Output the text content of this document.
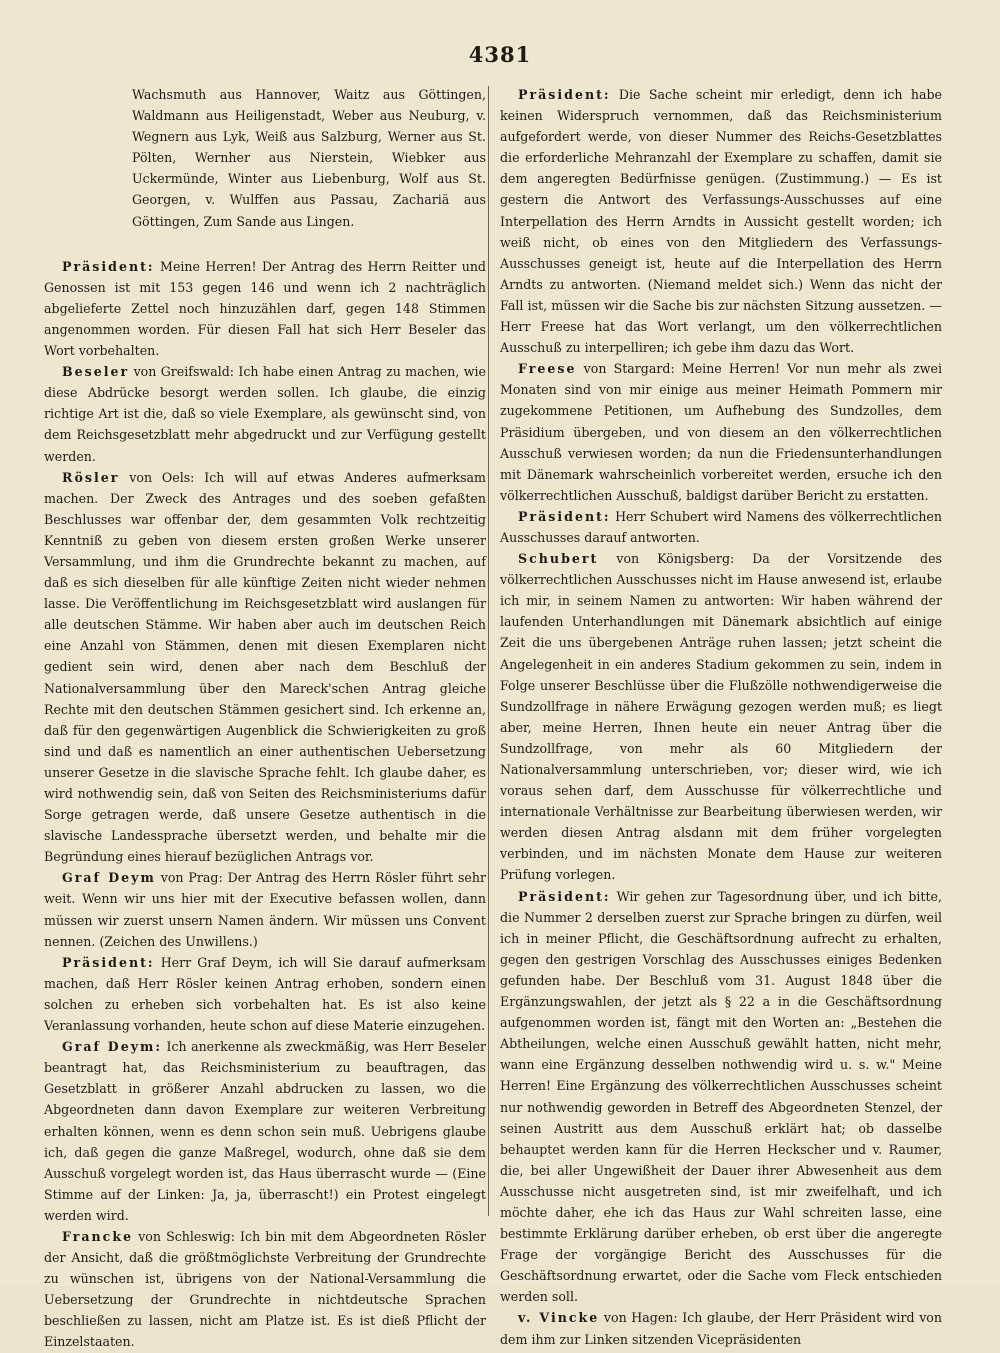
4381

Wachsmuth aus Hannover, Waitz aus Göttingen, Waldmann aus Heiligenstadt, Weber aus Neuburg, v. Wegnern aus Lyk, Weiß aus Salzburg, Werner aus St. Pölten, Wernher aus Nierstein, Wiebker aus Uckermünde, Winter aus Liebenburg, Wolf aus St. Georgen, v. Wulffen aus Passau, Zachariä aus Göttingen, Zum Sande aus Lingen.

Präsident: Meine Herren! Der Antrag des Herrn Reitter und Genossen ist mit 153 gegen 146 und wenn ich 2 nachträglich abgelieferte Zettel noch hinzuzählen darf, gegen 148 Stimmen angenommen worden. Für diesen Fall hat sich Herr Beseler das Wort vorbehalten.

Beseler von Greifswald: Ich habe einen Antrag zu machen, wie diese Abdrücke besorgt werden sollen. Ich glaube, die einzig richtige Art ist die, daß so viele Exemplare, als gewünscht sind, von dem Reichsgesetzblatt mehr abgedruckt und zur Verfügung gestellt werden.

Rösler von Oels: Ich will auf etwas Anderes aufmerksam machen. Der Zweck des Antrages und des soeben gefaßten Beschlusses war offenbar der, dem gesammten Volk rechtzeitig Kenntniß zu geben von diesem ersten großen Werke unserer Versammlung, und ihm die Grundrechte bekannt zu machen, auf daß es sich dieselben für alle künftige Zeiten nicht wieder nehmen lasse. Die Veröffentlichung im Reichsgesetzblatt wird auslangen für alle deutschen Stämme. Wir haben aber auch im deutschen Reich eine Anzahl von Stämmen, denen mit diesen Exemplaren nicht gedient sein wird, denen aber nach dem Beschluß der Nationalversammlung über den Mareck'schen Antrag gleiche Rechte mit den deutschen Stämmen gesichert sind. Ich erkenne an, daß für den gegenwärtigen Augenblick die Schwierigkeiten zu groß sind und daß es namentlich an einer authentischen Uebersetzung unserer Gesetze in die slavische Sprache fehlt. Ich glaube daher, es wird nothwendig sein, daß von Seiten des Reichsministeriums dafür Sorge getragen werde, daß unsere Gesetze authentisch in die slavische Landessprache übersetzt werden, und behalte mir die Begründung eines hierauf bezüglichen Antrags vor.

Graf Deym von Prag: Der Antrag des Herrn Rösler führt sehr weit. Wenn wir uns hier mit der Executive befassen wollen, dann müssen wir zuerst unsern Namen ändern. Wir müssen uns Convent nennen. (Zeichen des Unwillens.)

Präsident: Herr Graf Deym, ich will Sie darauf aufmerksam machen, daß Herr Rösler keinen Antrag erhoben, sondern einen solchen zu erheben sich vorbehalten hat. Es ist also keine Veranlassung vorhanden, heute schon auf diese Materie einzugehen.

Graf Deym: Ich anerkenne als zweckmäßig, was Herr Beseler beantragt hat, das Reichsministerium zu beauftragen, das Gesetzblatt in größerer Anzahl abdrucken zu lassen, wo die Abgeordneten dann davon Exemplare zur weiteren Verbreitung erhalten können, wenn es denn schon sein muß. Uebrigens glaube ich, daß gegen die ganze Maßregel, wodurch, ohne daß sie dem Ausschuß vorgelegt worden ist, das Haus überrascht wurde — (Eine Stimme auf der Linken: Ja, ja, überrascht!) ein Protest eingelegt werden wird.

Francke von Schleswig: Ich bin mit dem Abgeordneten Rösler der Ansicht, daß die größtmöglichste Verbreitung der Grundrechte zu wünschen ist, übrigens von der National-Versammlung die Uebersetzung der Grundrechte in nichtdeutsche Sprachen beschließen zu lassen, nicht am Platze ist. Es ist dieß Pflicht der Einzelstaaten.

Präsident: Die Sache scheint mir erledigt, denn ich habe keinen Widerspruch vernommen, daß das Reichsministerium aufgefordert werde, von dieser Nummer des Reichs-Gesetzblattes die erforderliche Mehranzahl der Exemplare zu schaffen, damit sie dem angeregten Bedürfnisse genügen. (Zustimmung.) — Es ist gestern die Antwort des Verfassungs-Ausschusses auf eine Interpellation des Herrn Arndts in Aussicht gestellt worden; ich weiß nicht, ob eines von den Mitgliedern des Verfassungs-Ausschusses geneigt ist, heute auf die Interpellation des Herrn Arndts zu antworten. (Niemand meldet sich.) Wenn das nicht der Fall ist, müssen wir die Sache bis zur nächsten Sitzung aussetzen. — Herr Freese hat das Wort verlangt, um den völkerrechtlichen Ausschuß zu interpelliren; ich gebe ihm dazu das Wort.

Freese von Stargard: Meine Herren! Vor nun mehr als zwei Monaten sind von mir einige aus meiner Heimath Pommern mir zugekommene Petitionen, um Aufhebung des Sundzolles, dem Präsidium übergeben, und von diesem an den völkerrechtlichen Ausschuß verwiesen worden; da nun die Friedensunterhandlungen mit Dänemark wahrscheinlich vorbereitet werden, ersuche ich den völkerrechtlichen Ausschuß, baldigst darüber Bericht zu erstatten.

Präsident: Herr Schubert wird Namens des völkerrechtlichen Ausschusses darauf antworten.

Schubert von Königsberg: Da der Vorsitzende des völkerrechtlichen Ausschusses nicht im Hause anwesend ist, erlaube ich mir, in seinem Namen zu antworten: Wir haben während der laufenden Unterhandlungen mit Dänemark absichtlich auf einige Zeit die uns übergebenen Anträge ruhen lassen; jetzt scheint die Angelegenheit in ein anderes Stadium gekommen zu sein, indem in Folge unserer Beschlüsse über die Flußzölle nothwendigerweise die Sundzollfrage in nähere Erwägung gezogen werden muß; es liegt aber, meine Herren, Ihnen heute ein neuer Antrag über die Sundzollfrage, von mehr als 60 Mitgliedern der Nationalversammlung unterschrieben, vor; dieser wird, wie ich voraus sehen darf, dem Ausschusse für völkerrechtliche und internationale Verhältnisse zur Bearbeitung überwiesen werden, wir werden diesen Antrag alsdann mit dem früher vorgelegten verbinden, und im nächsten Monate dem Hause zur weiteren Prüfung vorlegen.

Präsident: Wir gehen zur Tagesordnung über, und ich bitte, die Nummer 2 derselben zuerst zur Sprache bringen zu dürfen, weil ich in meiner Pflicht, die Geschäftsordnung aufrecht zu erhalten, gegen den gestrigen Vorschlag des Ausschusses einiges Bedenken gefunden habe. Der Beschluß vom 31. August 1848 über die Ergänzungswahlen, der jetzt als § 22 a in die Geschäftsordnung aufgenommen worden ist, fängt mit den Worten an: „Bestehen die Abtheilungen, welche einen Ausschuß gewählt hatten, nicht mehr, wann eine Ergänzung desselben nothwendig wird u. s. w." Meine Herren! Eine Ergänzung des völkerrechtlichen Ausschusses scheint nur nothwendig geworden in Betreff des Abgeordneten Stenzel, der seinen Austritt aus dem Ausschuß erklärt hat; ob dasselbe behauptet werden kann für die Herren Heckscher und v. Raumer, die, bei aller Ungewißheit der Dauer ihrer Abwesenheit aus dem Ausschusse nicht ausgetreten sind, ist mir zweifelhaft, und ich möchte daher, ehe ich das Haus zur Wahl schreiten lasse, eine bestimmte Erklärung darüber erheben, ob erst über die angeregte Frage der vorgängige Bericht des Ausschusses für die Geschäftsordnung erwartet, oder die Sache vom Fleck entschieden werden soll.

v. Vincke von Hagen: Ich glaube, der Herr Präsident wird von dem ihm zur Linken sitzenden Vicepräsidenten
